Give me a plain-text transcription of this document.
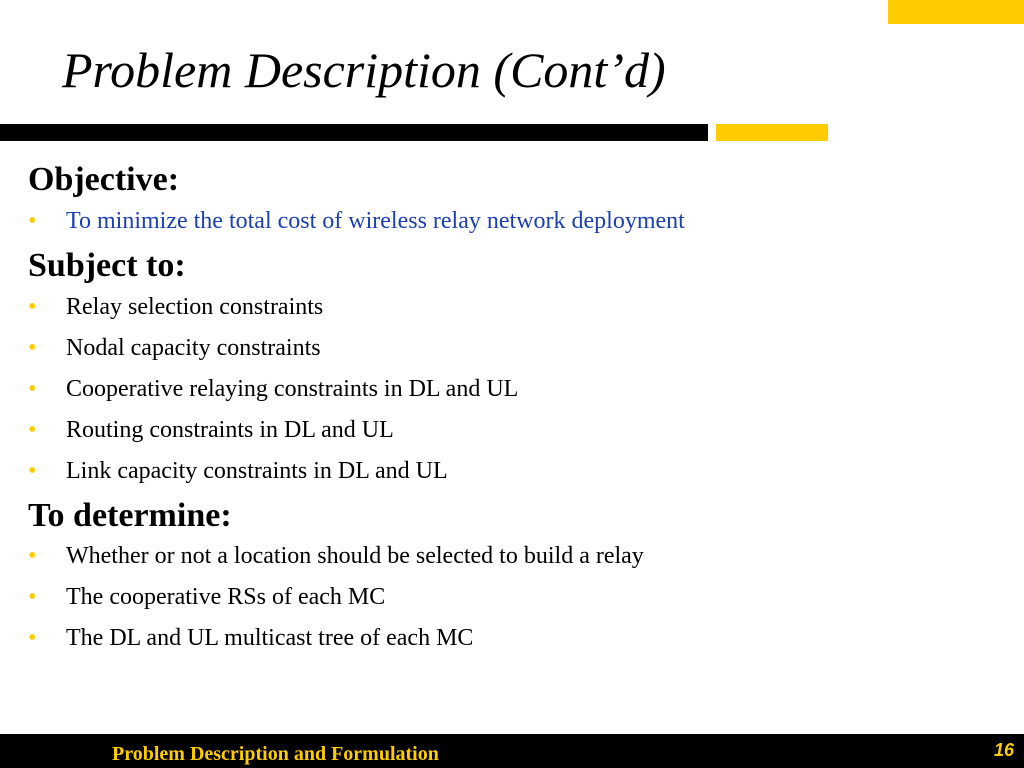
Problem Description (Cont’d)
Objective:
• To minimize the total cost of wireless relay network deployment
Subject to:
• Relay selection constraints
• Nodal capacity constraints
• Cooperative relaying constraints in DL and UL
• Routing constraints in DL and UL
• Link capacity constraints in DL and UL
To determine:
• Whether or not a location should be selected to build a relay
• The cooperative RSs of each MC
• The DL and UL multicast tree of each MC
Problem Description and Formulation	16
